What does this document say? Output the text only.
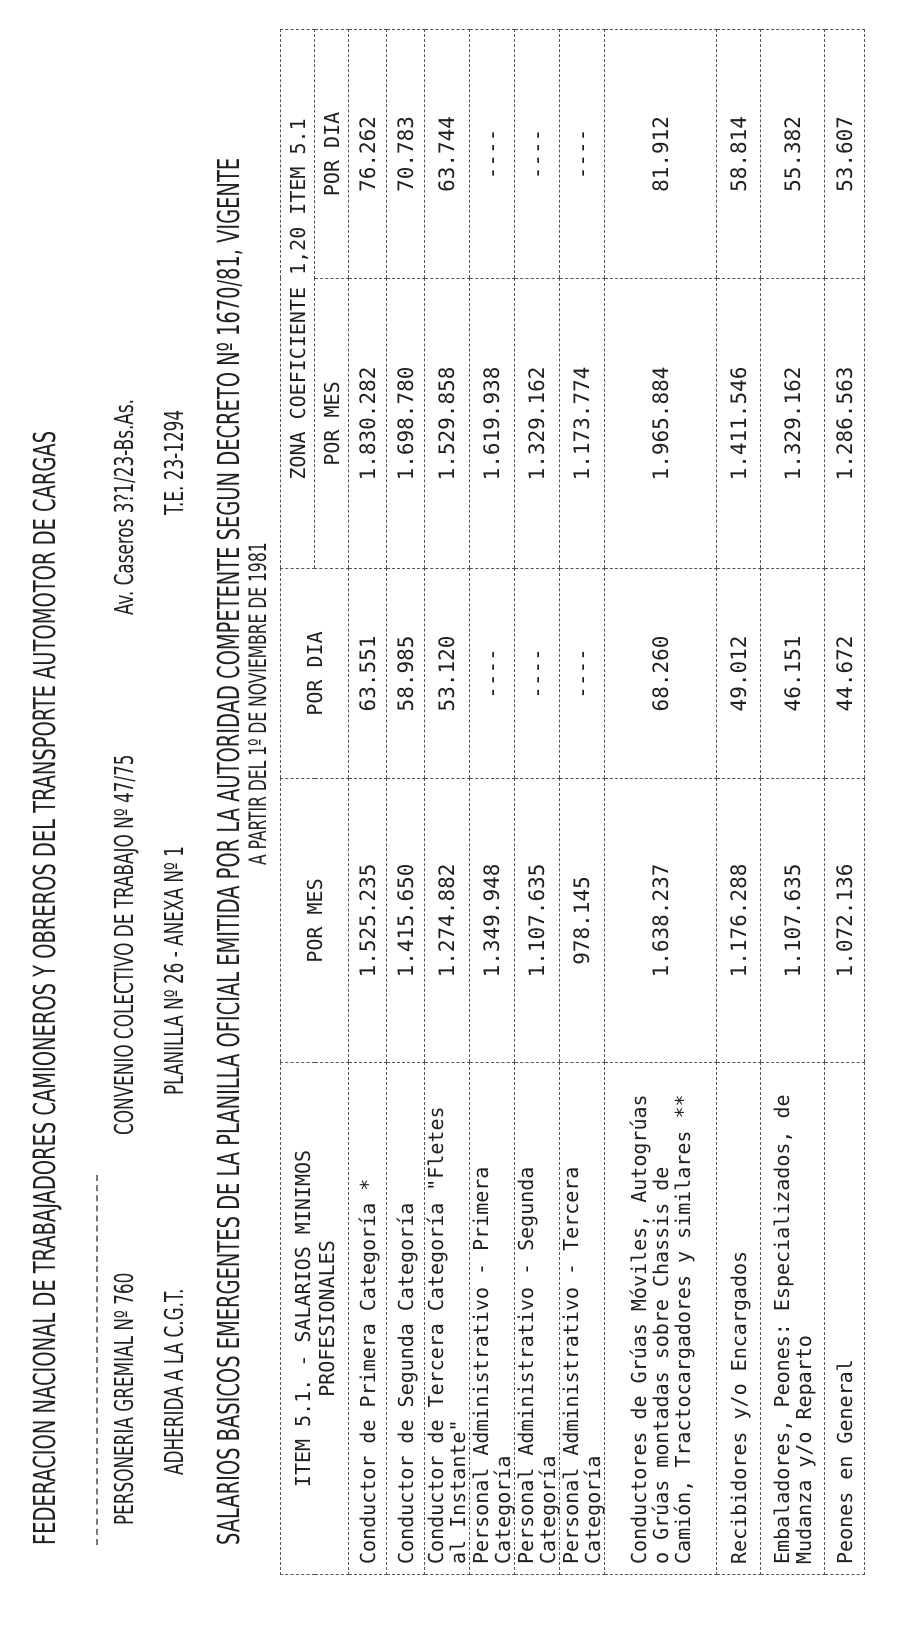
FEDERACION NACIONAL DE TRABAJADORES CAMIONEROS Y OBREROS DEL TRANSPORTE AUTOMOTOR DE CARGAS PERSONERIA GREMIAL Nº 760
CONVENIO COLECTIVO DE TRABAJO Nº 47/75
Av. Caseros 3?1/23-Bs.As.
ADHERIDA A LA C.G.T.
PLANILLA Nº 26 - ANEXA Nº 1
T.E. 23-1294 SALARIOS BASICOS EMERGENTES DE LA PLANILLA OFICIAL EMITIDA POR LA AUTORIDAD COMPETENTE SEGUN DECRETO Nº 1670/81, VIGENTE
A PARTIR DEL 1º DE NOVIEMBRE DE 1981
ITEM 5.1. - SALARIOS MINIMOS PROFESIONALES	POR MES	POR DIA	ZONA COEFICIENTE 1,20 ITEM 5.1	
			POR MES	POR DIA
Conductor de Primera Categoría *	1.525.235	63.551	1.830.282	76.262
Conductor de Segunda Categoría	1.415.650	58.985	1.698.780	70.783
Conductor de Tercera Categoría "Fletes al Instante"	1.274.882	53.120	1.529.858	63.744
Personal Administrativo - Primera Categoría	1.349.948	----	1.619.938	----
Personal Administrativo - Segunda Categoría	1.107.635	----	1.329.162	----
Personal Administrativo - Tercera Categoría	978.145	----	1.173.774	----
Conductores de Grúas Móviles, Autogrúas o Grúas montadas sobre Chassis de Camión, Tractocargadores y similares **	1.638.237	68.260	1.965.884	81.912
Recibidores y/o Encargados	1.176.288	49.012	1.411.546	58.814
Embaladores, Peones: Especializados, de Mudanza y/o Reparto	1.107.635	46.151	1.329.162	55.382
Peones en General	1.072.136	44.672	1.286.563	53.607
